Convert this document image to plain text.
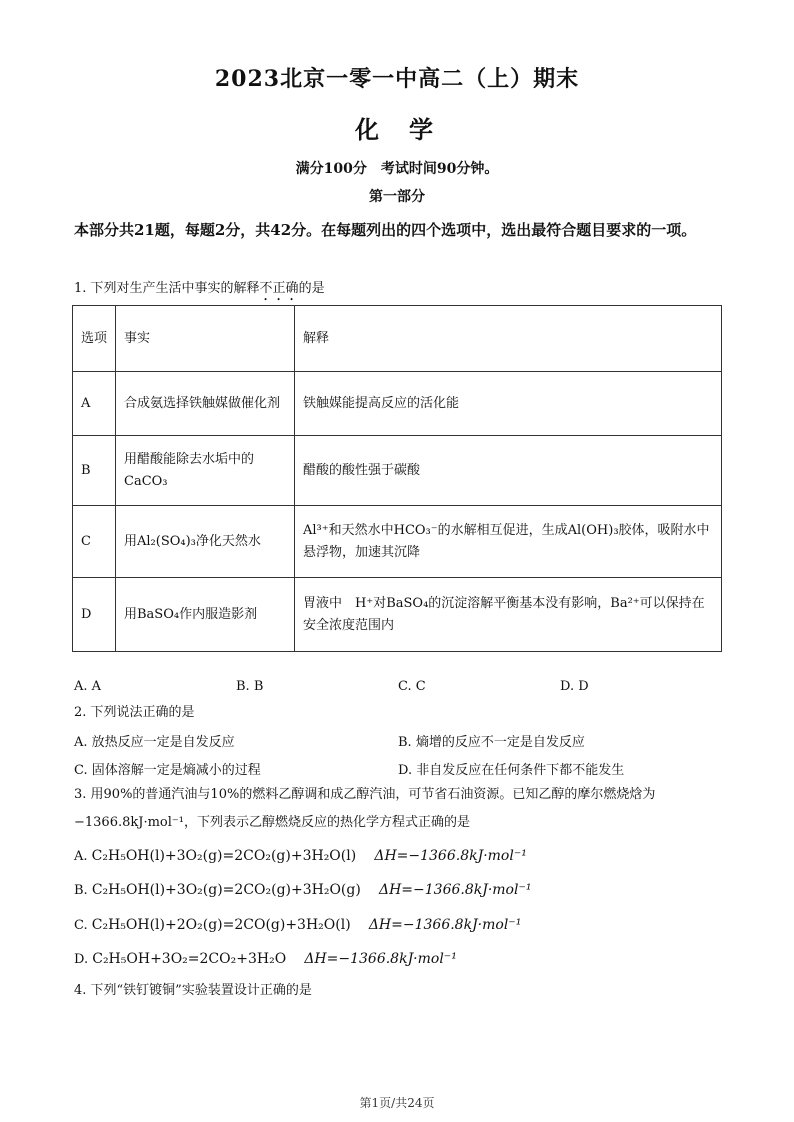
2023北京一零一中高二（上）期末
化学
满分100分　考试时间90分钟。
第一部分
本部分共21题，每题2分，共42分。在每题列出的四个选项中，选出最符合题目要求的一项。
1. 下列对生产生活中事实的解释不正确的是
选项	事实	解释
A	合成氨选择铁触媒做催化剂	铁触媒能提高反应的活化能
B	用醋酸能除去水垢中的CaCO₃	醋酸的酸性强于碳酸
C	用Al₂(SO₄)₃净化天然水	Al³⁺和天然水中HCO₃⁻的水解相互促进，生成Al(OH)₃胶体，吸附水中悬浮物，加速其沉降
D	用BaSO₄作内服造影剂	胃液中　H⁺对BaSO₄的沉淀溶解平衡基本没有影响，Ba²⁺可以保持在安全浓度范围内
A. A	B. B	C. C	D. D
2. 下列说法正确的是
A. 放热反应一定是自发反应	B. 熵增的反应不一定是自发反应
C. 固体溶解一定是熵减小的过程	D. 非自发反应在任何条件下都不能发生
3. 用90%的普通汽油与10%的燃料乙醇调和成乙醇汽油，可节省石油资源。已知乙醇的摩尔燃烧焓为
−1366.8kJ·mol⁻¹，下列表示乙醇燃烧反应的热化学方程式正确的是
A. C₂H₅OH(l)+3O₂(g)=2CO₂(g)+3H₂O(l) ΔH=−1366.8kJ·mol⁻¹
B. C₂H₅OH(l)+3O₂(g)=2CO₂(g)+3H₂O(g) ΔH=−1366.8kJ·mol⁻¹
C. C₂H₅OH(l)+2O₂(g)=2CO(g)+3H₂O(l) ΔH=−1366.8kJ·mol⁻¹
D. C₂H₅OH+3O₂=2CO₂+3H₂O ΔH=−1366.8kJ·mol⁻¹
4. 下列“铁钉镀铜”实验装置设计正确的是
第1页/共24页
